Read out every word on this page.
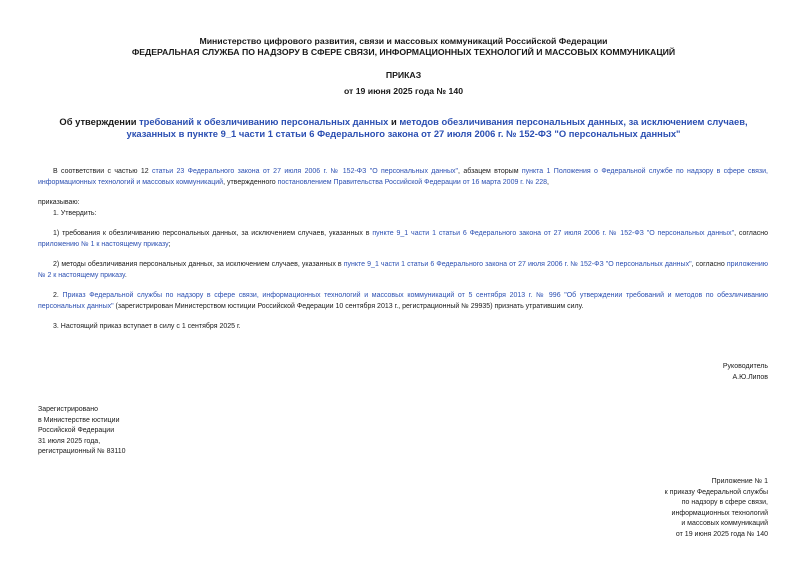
Министерство цифрового развития, связи и массовых коммуникаций Российской Федерации

ФЕДЕРАЛЬНАЯ СЛУЖБА ПО НАДЗОРУ В СФЕРЕ СВЯЗИ, ИНФОРМАЦИОННЫХ ТЕХНОЛОГИЙ И МАССОВЫХ КОММУНИКАЦИЙ

ПРИКАЗ

от 19 июня 2025 года № 140

Об утверждении требований к обезличиванию персональных данных и методов обезличивания персональных данных, за исключением случаев, указанных в пункте 9_1 части 1 статьи 6 Федерального закона от 27 июля 2006 г. № 152-ФЗ "О персональных данных"

В соответствии с частью 12 статьи 23 Федерального закона от 27 июля 2006 г. № 152-ФЗ "О персональных данных", абзацем вторым пункта 1 Положения о Федеральной службе по надзору в сфере связи, информационных технологий и массовых коммуникаций, утвержденного постановлением Правительства Российской Федерации от 16 марта 2009 г. № 228,

приказываю:

1. Утвердить:

1) требования к обезличиванию персональных данных, за исключением случаев, указанных в пункте 9_1 части 1 статьи 6 Федерального закона от 27 июля 2006 г. № 152-ФЗ "О персональных данных", согласно приложению № 1 к настоящему приказу;

2) методы обезличивания персональных данных, за исключением случаев, указанных в пункте 9_1 части 1 статьи 6 Федерального закона от 27 июля 2006 г. № 152-ФЗ "О персональных данных", согласно приложению № 2 к настоящему приказу.

2. Приказ Федеральной службы по надзору в сфере связи, информационных технологий и массовых коммуникаций от 5 сентября 2013 г. № 996 "Об утверждении требований и методов по обезличиванию персональных данных" (зарегистрирован Министерством юстиции Российской Федерации 10 сентября 2013 г., регистрационный № 29935) признать утратившим силу.

3. Настоящий приказ вступает в силу с 1 сентября 2025 г.

Руководитель
А.Ю.Липов
Зарегистрировано
в Министерстве юстиции
Российской Федерации
31 июля 2025 года,
регистрационный № 83110
Приложение № 1
к приказу Федеральной службы
по надзору в сфере связи,
информационных технологий
и массовых коммуникаций
от 19 июня 2025 года № 140
